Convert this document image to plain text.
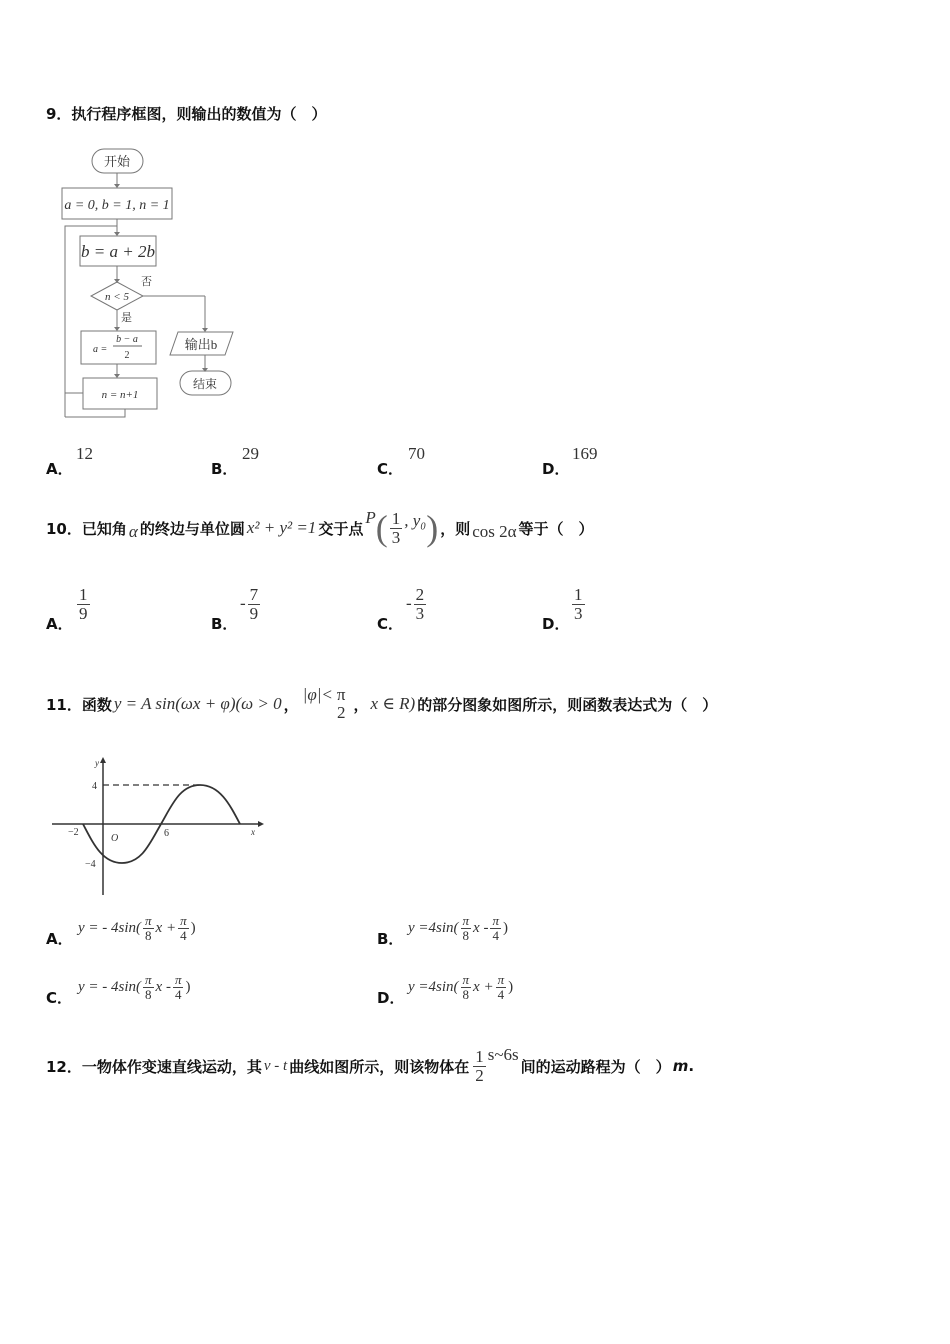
9．执行程序框图，则输出的数值为（　）
开始
a = 0, b = 1, n = 1
b = a + 2b
否
n < 5
是
a =
b − a
2
输出b
结束
n = n+1
A．
12
B．
29
C．
70
D．
169
10．已知角 α 的终边与单位圆 x² + y² =1 交于点
P ( $\frac{1}{3}$ , y₀ ) ，则 cos 2α 等于（　）
A．
$\frac{1}{9}$
B．
- $\frac{7}{9}$
C．
- $\frac{2}{3}$
D．
$\frac{1}{3}$
11．函数 y = A sin(ωx + φ)(ω > 0 ，
|φ|< π
2 ， x ∈ R) 的部分图象如图所示，则函数表达式为（　）
y
x
O
4
−4
−2	6
A．
y = - $4\sin( \frac{\pi}{8}$ $x + \frac{\pi}{4}$ )
B．
$y =4\sin( \frac{\pi}{8}$ x - $\frac{\pi}{4}$ )
C．
y = - $4\sin( \frac{\pi}{8}$ x - $\frac{\pi}{4}$ )
D．
$y =4\sin( \frac{\pi}{8}$ $x + \frac{\pi}{4}$ )
12．一物体作变速直线运动，其 v - t 曲线如图所示，则该物体在 $\frac{1}{2}$ s~6s
间的运动路程为（　） m .
